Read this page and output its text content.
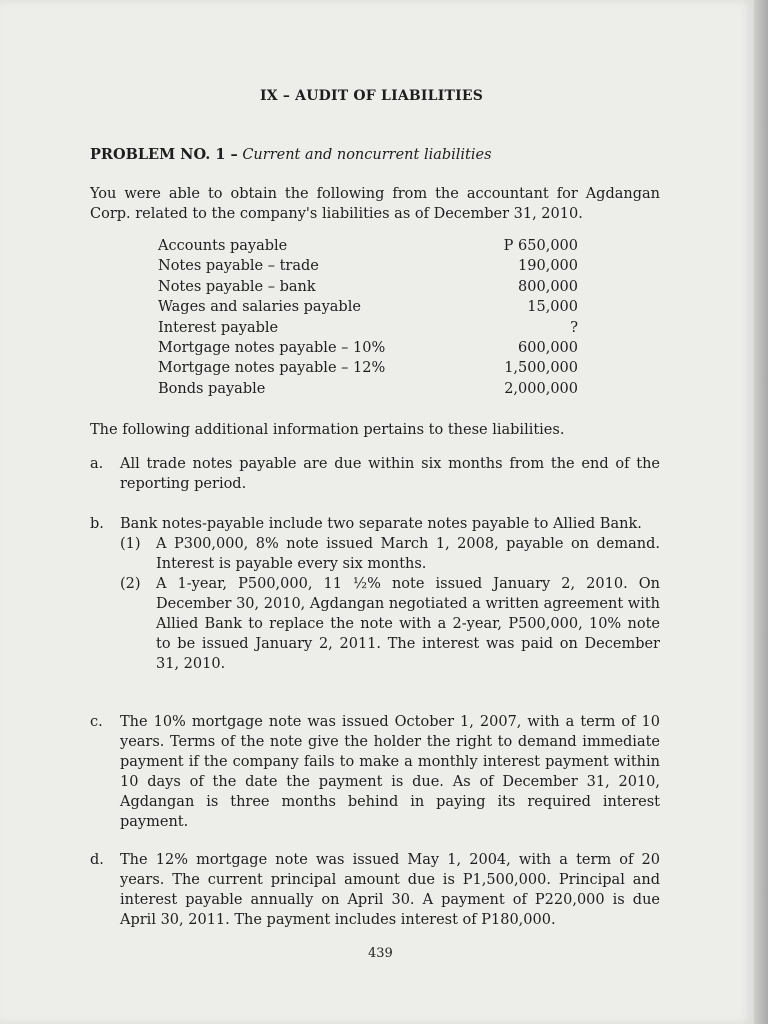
IX – AUDIT OF LIABILITIES
PROBLEM NO. 1 – Current and noncurrent liabilities
You were able to obtain the following from the accountant for Agdangan Corp. related to the company's liabilities as of December 31, 2010.
Accounts payable	P 650,000
Notes payable – trade	190,000
Notes payable – bank	800,000
Wages and salaries payable	15,000
Interest payable	?
Mortgage notes payable – 10%	600,000
Mortgage notes payable – 12%	1,500,000
Bonds payable	2,000,000
The following additional information pertains to these liabilities.
a.	All trade notes payable are due within six months from the end of the reporting period.
b.	Bank notes-payable include two separate notes payable to Allied Bank.
(1) A P300,000, 8% note issued March 1, 2008, payable on demand. Interest is payable every six months.
(2) A 1-year, P500,000, 11 ½% note issued January 2, 2010. On December 30, 2010, Agdangan negotiated a written agreement with Allied Bank to replace the note with a 2-year, P500,000, 10% note to be issued January 2, 2011. The interest was paid on December 31, 2010.
c.	The 10% mortgage note was issued October 1, 2007, with a term of 10 years. Terms of the note give the holder the right to demand immediate payment if the company fails to make a monthly interest payment within 10 days of the date the payment is due. As of December 31, 2010, Agdangan is three months behind in paying its required interest payment.
d.	The 12% mortgage note was issued May 1, 2004, with a term of 20 years. The current principal amount due is P1,500,000. Principal and interest payable annually on April 30. A payment of P220,000 is due April 30, 2011. The payment includes interest of P180,000.
439
